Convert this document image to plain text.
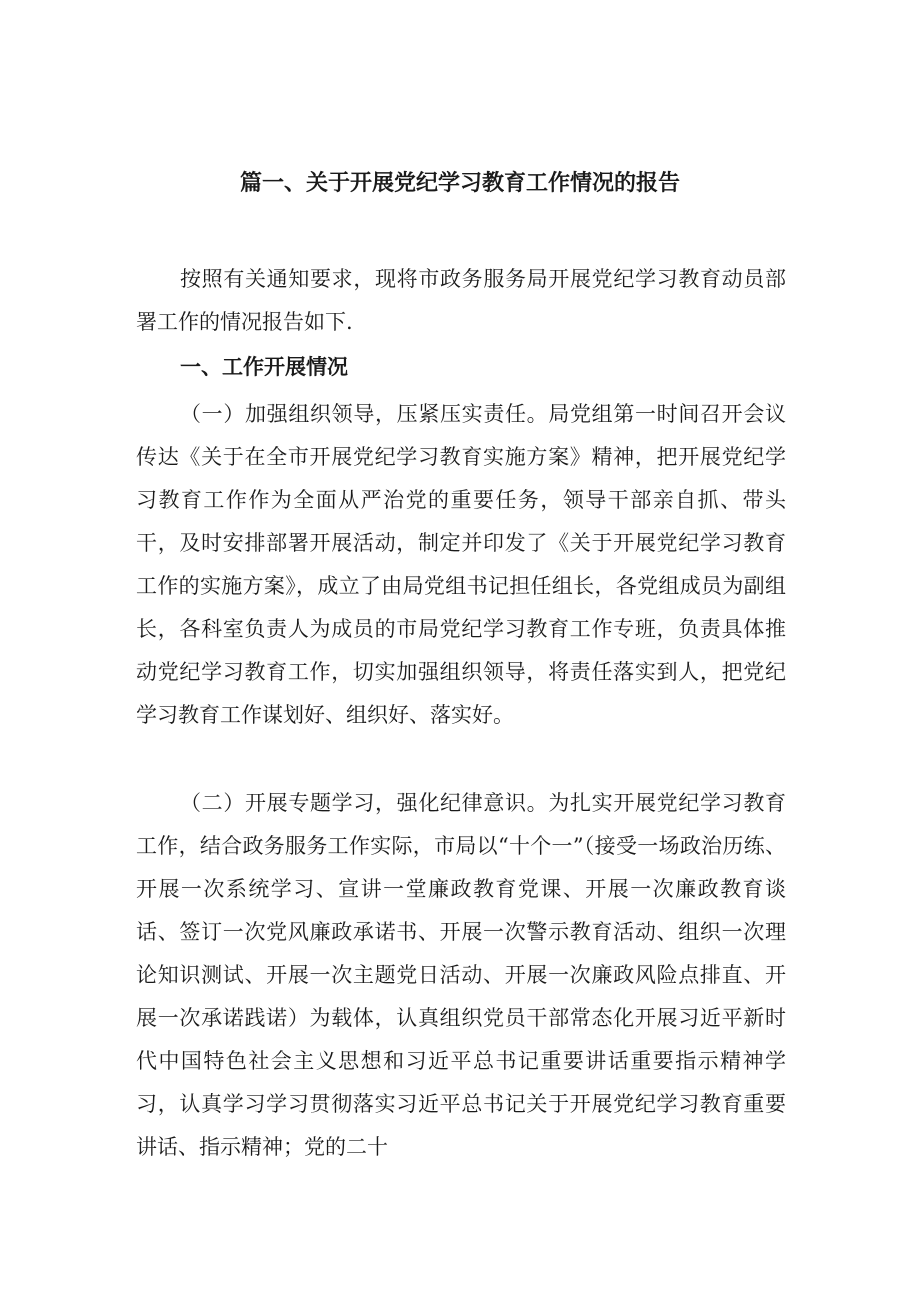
篇一、关于开展党纪学习教育工作情况的报告

按照有关通知要求，现将市政务服务局开展党纪学习教育动员部署工作的情况报告如下.

一、工作开展情况

（一）加强组织领导，压紧压实责任。局党组第一时间召开会议传达《关于在全市开展党纪学习教育实施方案》精神，把开展党纪学习教育工作作为全面从严治党的重要任务，领导干部亲自抓、带头干，及时安排部署开展活动，制定并印发了《关于开展党纪学习教育工作的实施方案》，成立了由局党组书记担任组长，各党组成员为副组长，各科室负责人为成员的市局党纪学习教育工作专班，负责具体推动党纪学习教育工作，切实加强组织领导，将责任落实到人，把党纪学习教育工作谋划好、组织好、落实好。

（二）开展专题学习，强化纪律意识。为扎实开展党纪学习教育工作，结合政务服务工作实际，市局以“十个一”（接受一场政治历练、开展一次系统学习、宣讲一堂廉政教育党课、开展一次廉政教育谈话、签订一次党风廉政承诺书、开展一次警示教育活动、组织一次理论知识测试、开展一次主题党日活动、开展一次廉政风险点排直、开展一次承诺践诺）为载体，认真组织党员干部常态化开展习近平新时代中国特色社会主义思想和习近平总书记重要讲话重要指示精神学习，认真学习学习贯彻落实习近平总书记关于开展党纪学习教育重要讲话、指示精神；党的二十
